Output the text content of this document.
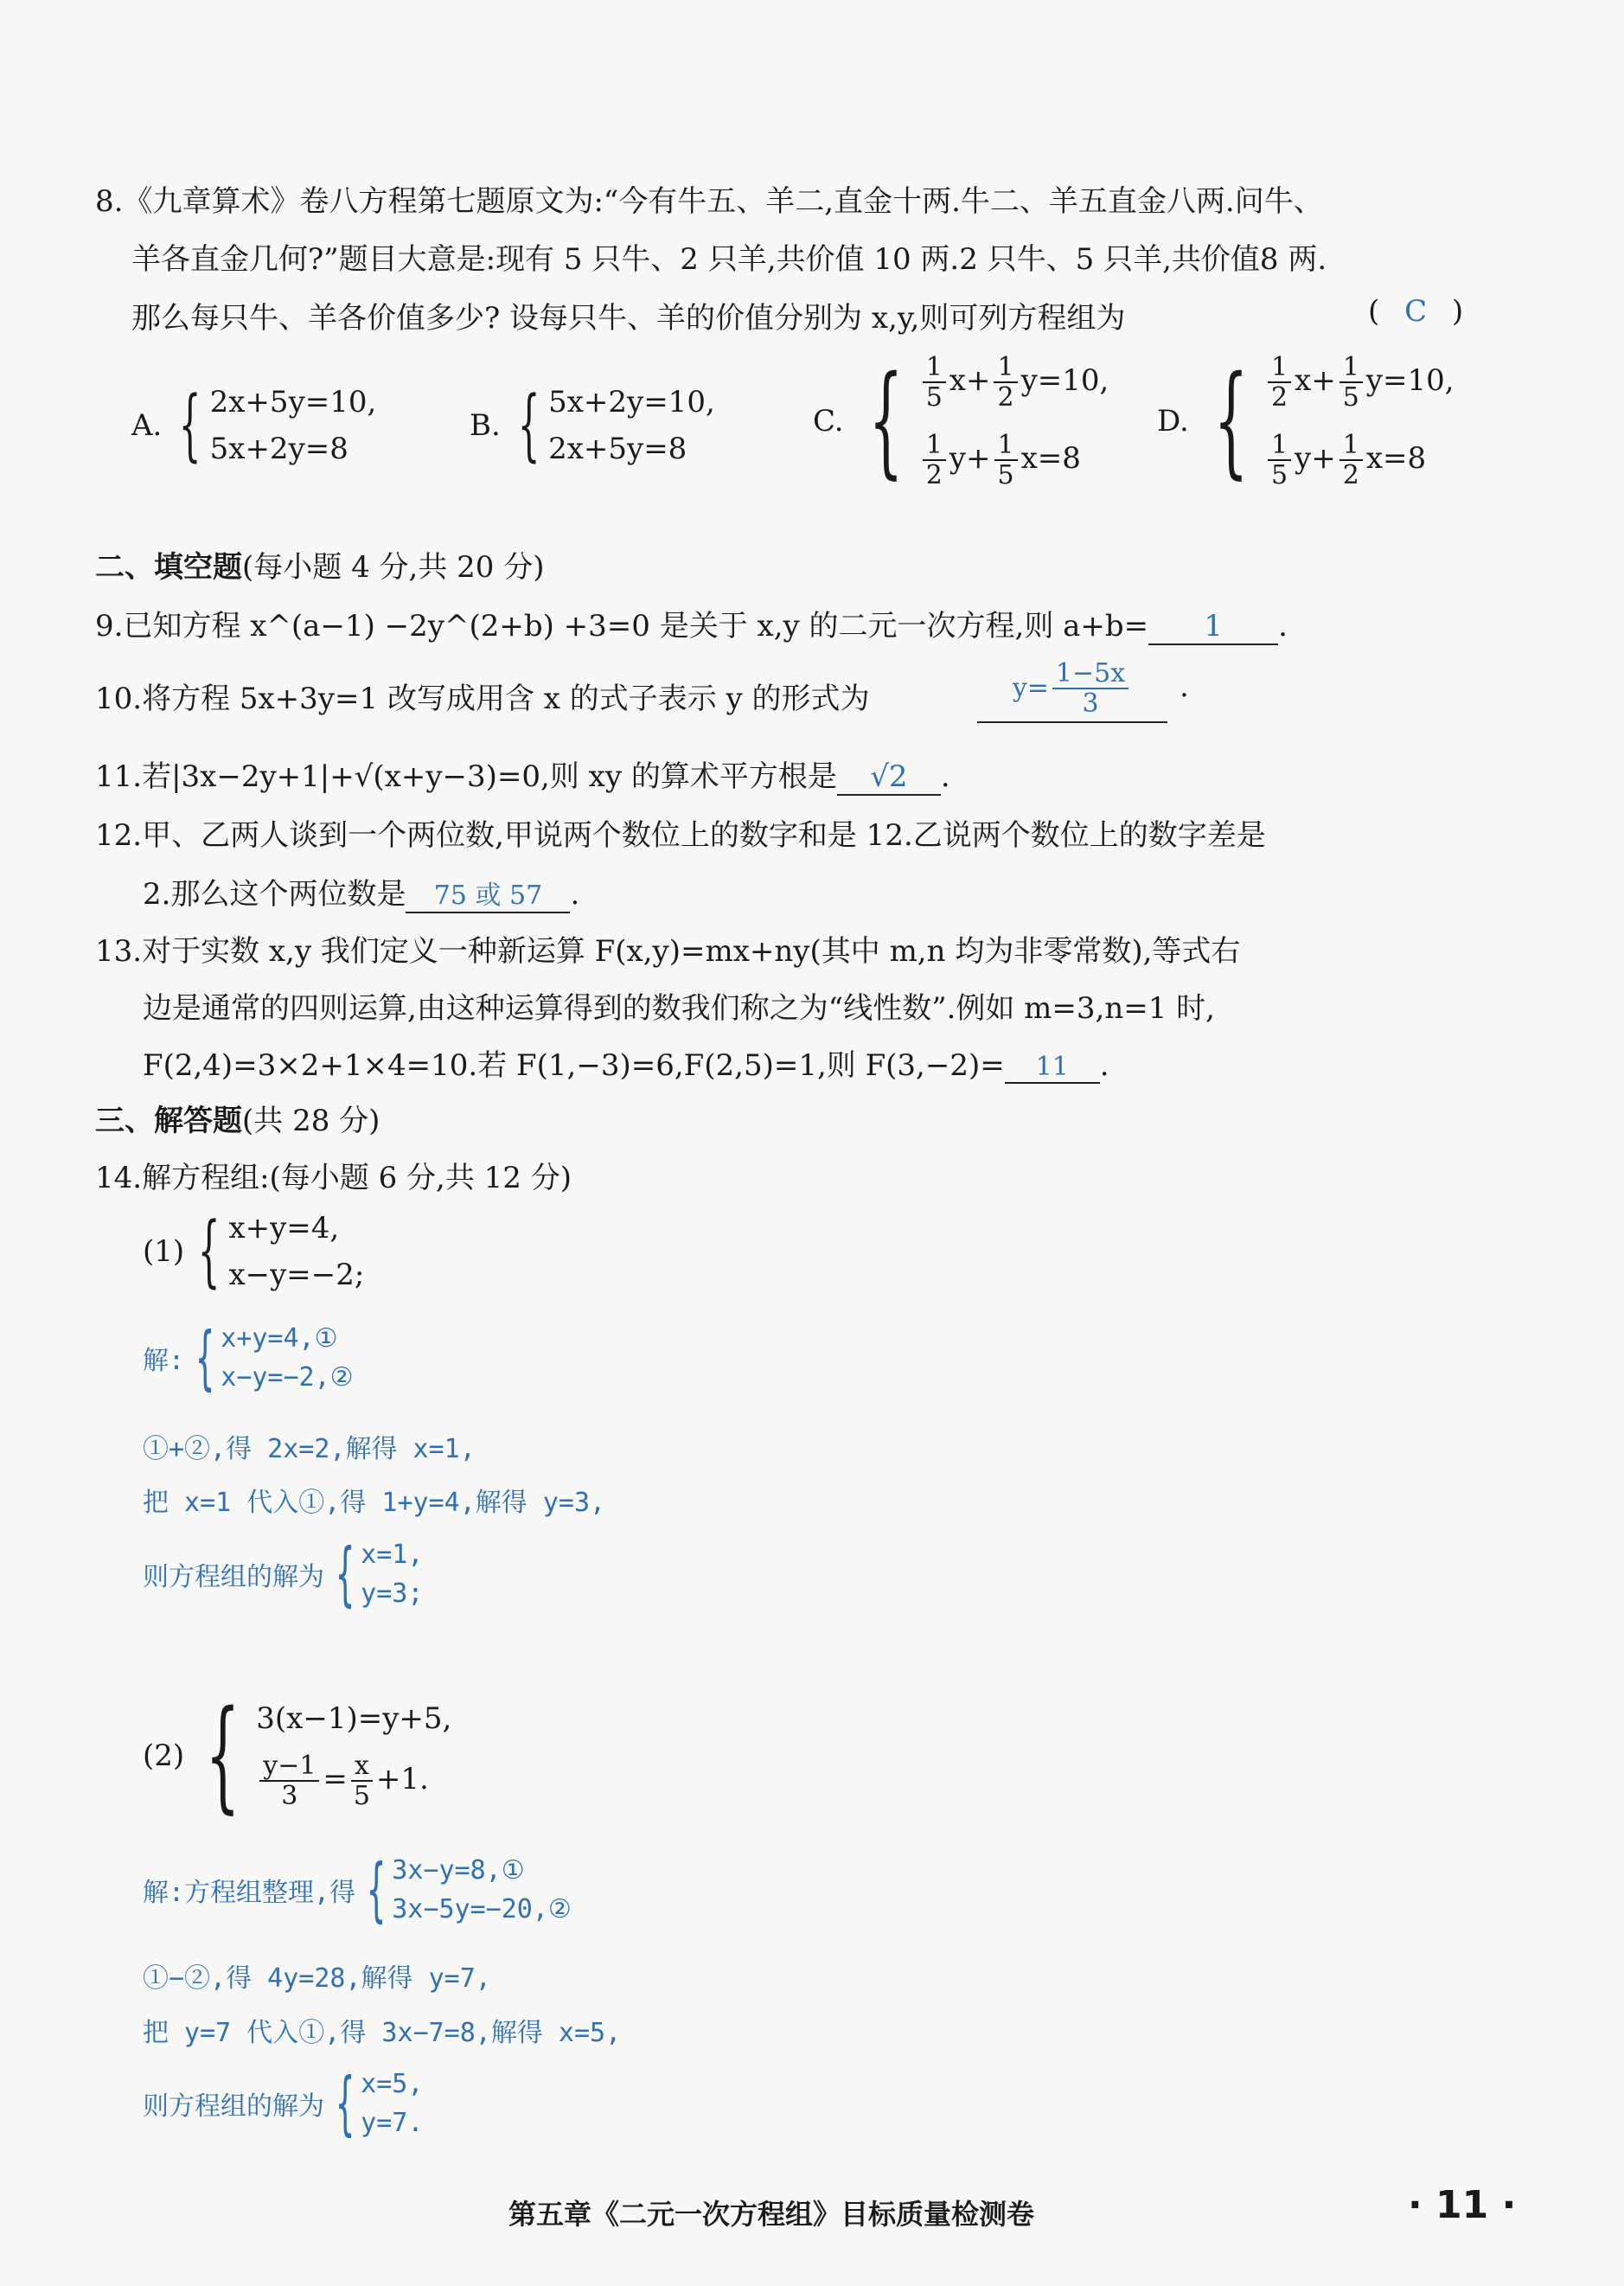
8.《九章算术》卷八方程第七题原文为:“今有牛五、羊二,直金十两.牛二、羊五直金八两.问牛、
羊各直金几何?”题目大意是:现有 5 只牛、2 只羊,共价值 10 两.2 只牛、5 只羊,共价值8 两.
那么每只牛、羊各价值多少? 设每只牛、羊的价值分别为 x,y,则可列方程组为	( C )
A. { 2x+5y=10,
5x+2y=8
B. { 5x+2y=10,
2x+5y=8
C. { $\frac{1}{5} x+ \frac{1}{2} y=10$,
$\frac{1}{2} y+ \frac{1}{5} x=8$
D. { $\frac{1}{2} x+ \frac{1}{5} y=10$,
$\frac{1}{5} y+ \frac{1}{2} x=8$
二、填空题(每小题 4 分,共 20 分)
9.已知方程 x^(a−1) −2y^(2+b) +3=0 是关于 x,y 的二元一次方程,则 a+b= 1 .
10.将方程 5x+3y=1 改写成用含 x 的式子表示 y 的形式为	$y= \frac{1-5x}{3}$ .
11.若|3x−2y+1|+√(x+y−3)=0,则 xy 的算术平方根是 √2 .
12.甲、乙两人谈到一个两位数,甲说两个数位上的数字和是 12.乙说两个数位上的数字差是
2.那么这个两位数是 75 或 57 .
13.对于实数 x,y 我们定义一种新运算 F(x,y)=mx+ny(其中 m,n 均为非零常数),等式右
边是通常的四则运算,由这种运算得到的数我们称之为“线性数”.例如 m=3,n=1 时,
F(2,4)=3×2+1×4=10.若 F(1,−3)=6,F(2,5)=1,则 F(3,−2)= 11 .
三、解答题(共 28 分)
14.解方程组:(每小题 6 分,共 12 分)
(1) { x+y=4,
x−y=−2;
解: { x+y=4,①
x−y=−2,②
①+②,得 2x=2,解得 x=1,
把 x=1 代入①,得 1+y=4,解得 y=3,
则方程组的解为 { x=1,
y=3;
(2) { 3(x−1)=y+5,
$\frac{y-1}{3} = \frac{x}{5} +1$.
解:方程组整理,得 { 3x−y=8,①
3x−5y=−20,②
①−②,得 4y=28,解得 y=7,
把 y=7 代入①,得 3x−7=8,解得 x=5,
则方程组的解为 { x=5,
y=7.
第五章《二元一次方程组》目标质量检测卷	· 11 ·
